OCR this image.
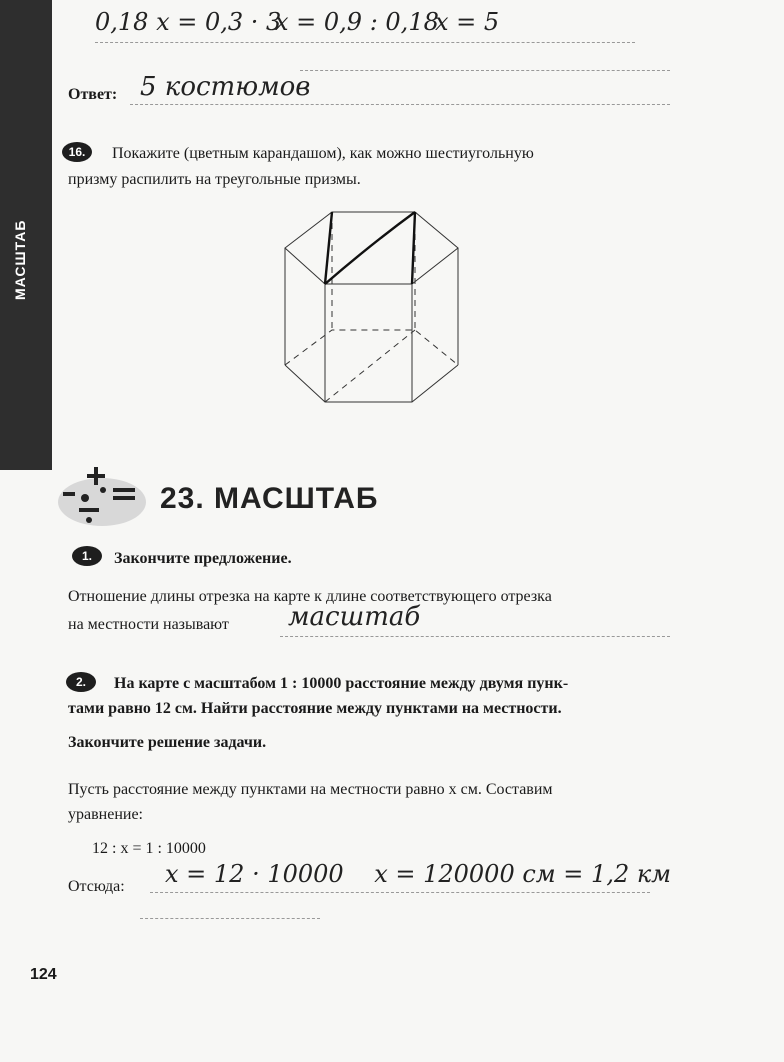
МАСШТАБ
0,18 x = 0,3 · 3
x = 0,9 : 0,18
x = 5
Ответ: 5 костюмов
16.	Покажите (цветным карандашом), как можно шестиугольную
призму распилить на треугольные призмы.
23. МАСШТАБ
1.	Закончите предложение.
Отношение длины отрезка на карте к длине соответствующего отрезка
на местности называют масштаб
2.	На карте с масштабом 1 : 10000 расстояние между двумя пунк-
тами равно 12 см. Найти расстояние между пунктами на местности.
Закончите решение задачи.
Пусть расстояние между пунктами на местности равно x см. Составим
уравнение:
12 : x = 1 : 10000
Отсюда: x = 12 · 10000    x = 120000 см = 1,2 км
124
